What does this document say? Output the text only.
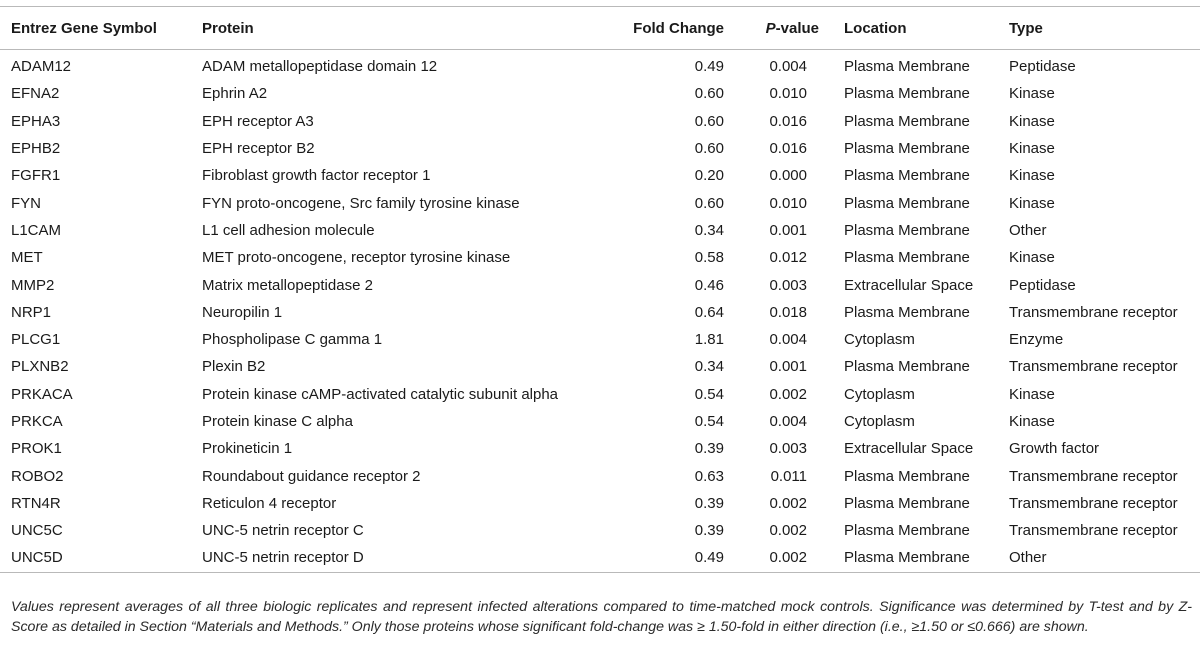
Entrez Gene Symbol	Protein	Fold Change	P-value	Location	Type
ADAM12	ADAM metallopeptidase domain 12	0.49	0.004	Plasma Membrane	Peptidase
EFNA2	Ephrin A2	0.60	0.010	Plasma Membrane	Kinase
EPHA3	EPH receptor A3	0.60	0.016	Plasma Membrane	Kinase
EPHB2	EPH receptor B2	0.60	0.016	Plasma Membrane	Kinase
FGFR1	Fibroblast growth factor receptor 1	0.20	0.000	Plasma Membrane	Kinase
FYN	FYN proto-oncogene, Src family tyrosine kinase	0.60	0.010	Plasma Membrane	Kinase
L1CAM	L1 cell adhesion molecule	0.34	0.001	Plasma Membrane	Other
MET	MET proto-oncogene, receptor tyrosine kinase	0.58	0.012	Plasma Membrane	Kinase
MMP2	Matrix metallopeptidase 2	0.46	0.003	Extracellular Space	Peptidase
NRP1	Neuropilin 1	0.64	0.018	Plasma Membrane	Transmembrane receptor
PLCG1	Phospholipase C gamma 1	1.81	0.004	Cytoplasm	Enzyme
PLXNB2	Plexin B2	0.34	0.001	Plasma Membrane	Transmembrane receptor
PRKACA	Protein kinase cAMP-activated catalytic subunit alpha	0.54	0.002	Cytoplasm	Kinase
PRKCA	Protein kinase C alpha	0.54	0.004	Cytoplasm	Kinase
PROK1	Prokineticin 1	0.39	0.003	Extracellular Space	Growth factor
ROBO2	Roundabout guidance receptor 2	0.63	0.011	Plasma Membrane	Transmembrane receptor
RTN4R	Reticulon 4 receptor	0.39	0.002	Plasma Membrane	Transmembrane receptor
UNC5C	UNC-5 netrin receptor C	0.39	0.002	Plasma Membrane	Transmembrane receptor
UNC5D	UNC-5 netrin receptor D	0.49	0.002	Plasma Membrane	Other

Values represent averages of all three biologic replicates and represent infected alterations compared to time-matched mock controls. Significance was determined by T-test and by Z-Score as detailed in Section “Materials and Methods.” Only those proteins whose significant fold-change was ≥ 1.50-fold in either direction (i.e., ≥1.50 or ≤0.666) are shown.
